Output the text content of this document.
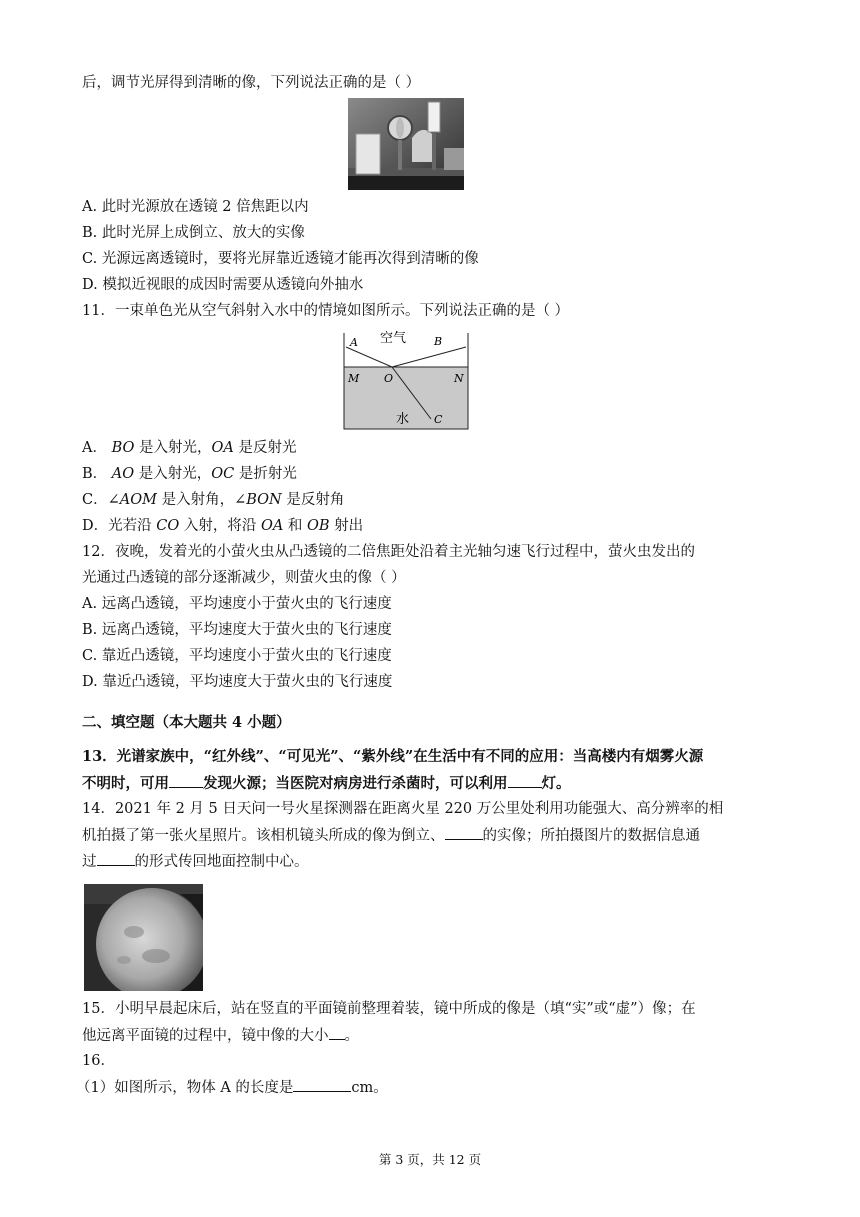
后，调节光屏得到清晰的像，下列说法正确的是（ ）
A. 此时光源放在透镜 2 倍焦距以内
B. 此时光屏上成倒立、放大的实像
C. 光源远离透镜时，要将光屏靠近透镜才能再次得到清晰的像
D. 模拟近视眼的成因时需要从透镜向外抽水
11．一束单色光从空气斜射入水中的情境如图所示。下列说法正确的是（ ）
空气
A	B
M O	N
水 C
A． BO 是入射光，OA 是反射光
B． AO 是入射光，OC 是折射光
C．∠AOM 是入射角，∠BON 是反射角
D．光若沿 CO 入射，将沿 OA 和 OB 射出
12．夜晚，发着光的小萤火虫从凸透镜的二倍焦距处沿着主光轴匀速飞行过程中，萤火虫发出的
光通过凸透镜的部分逐渐减少，则萤火虫的像（ ）
A. 远离凸透镜，平均速度小于萤火虫的飞行速度
B. 远离凸透镜，平均速度大于萤火虫的飞行速度
C. 靠近凸透镜，平均速度小于萤火虫的飞行速度
D. 靠近凸透镜，平均速度大于萤火虫的飞行速度
二、填空题（本大题共 4 小题）
13．光谱家族中，“红外线”、“可见光”、“紫外线”在生活中有不同的应用：当高楼内有烟雾火源
不明时，可用 发现火源；当医院对病房进行杀菌时，可以利用 灯。
14．2021 年 2 月 5 日天问一号火星探测器在距离火星 220 万公里处利用功能强大、高分辨率的相
机拍摄了第一张火星照片。该相机镜头所成的像为倒立、	的实像；所拍摄图片的数据信息通
过	的形式传回地面控制中心。
15．小明早晨起床后，站在竖直的平面镜前整理着装，镜中所成的像是（填“实”或“虚”）像；在
他远离平面镜的过程中，镜中像的大小 。
16．
（1）如图所示，物体 A 的长度是	cm。
第 3 页，共 12 页
